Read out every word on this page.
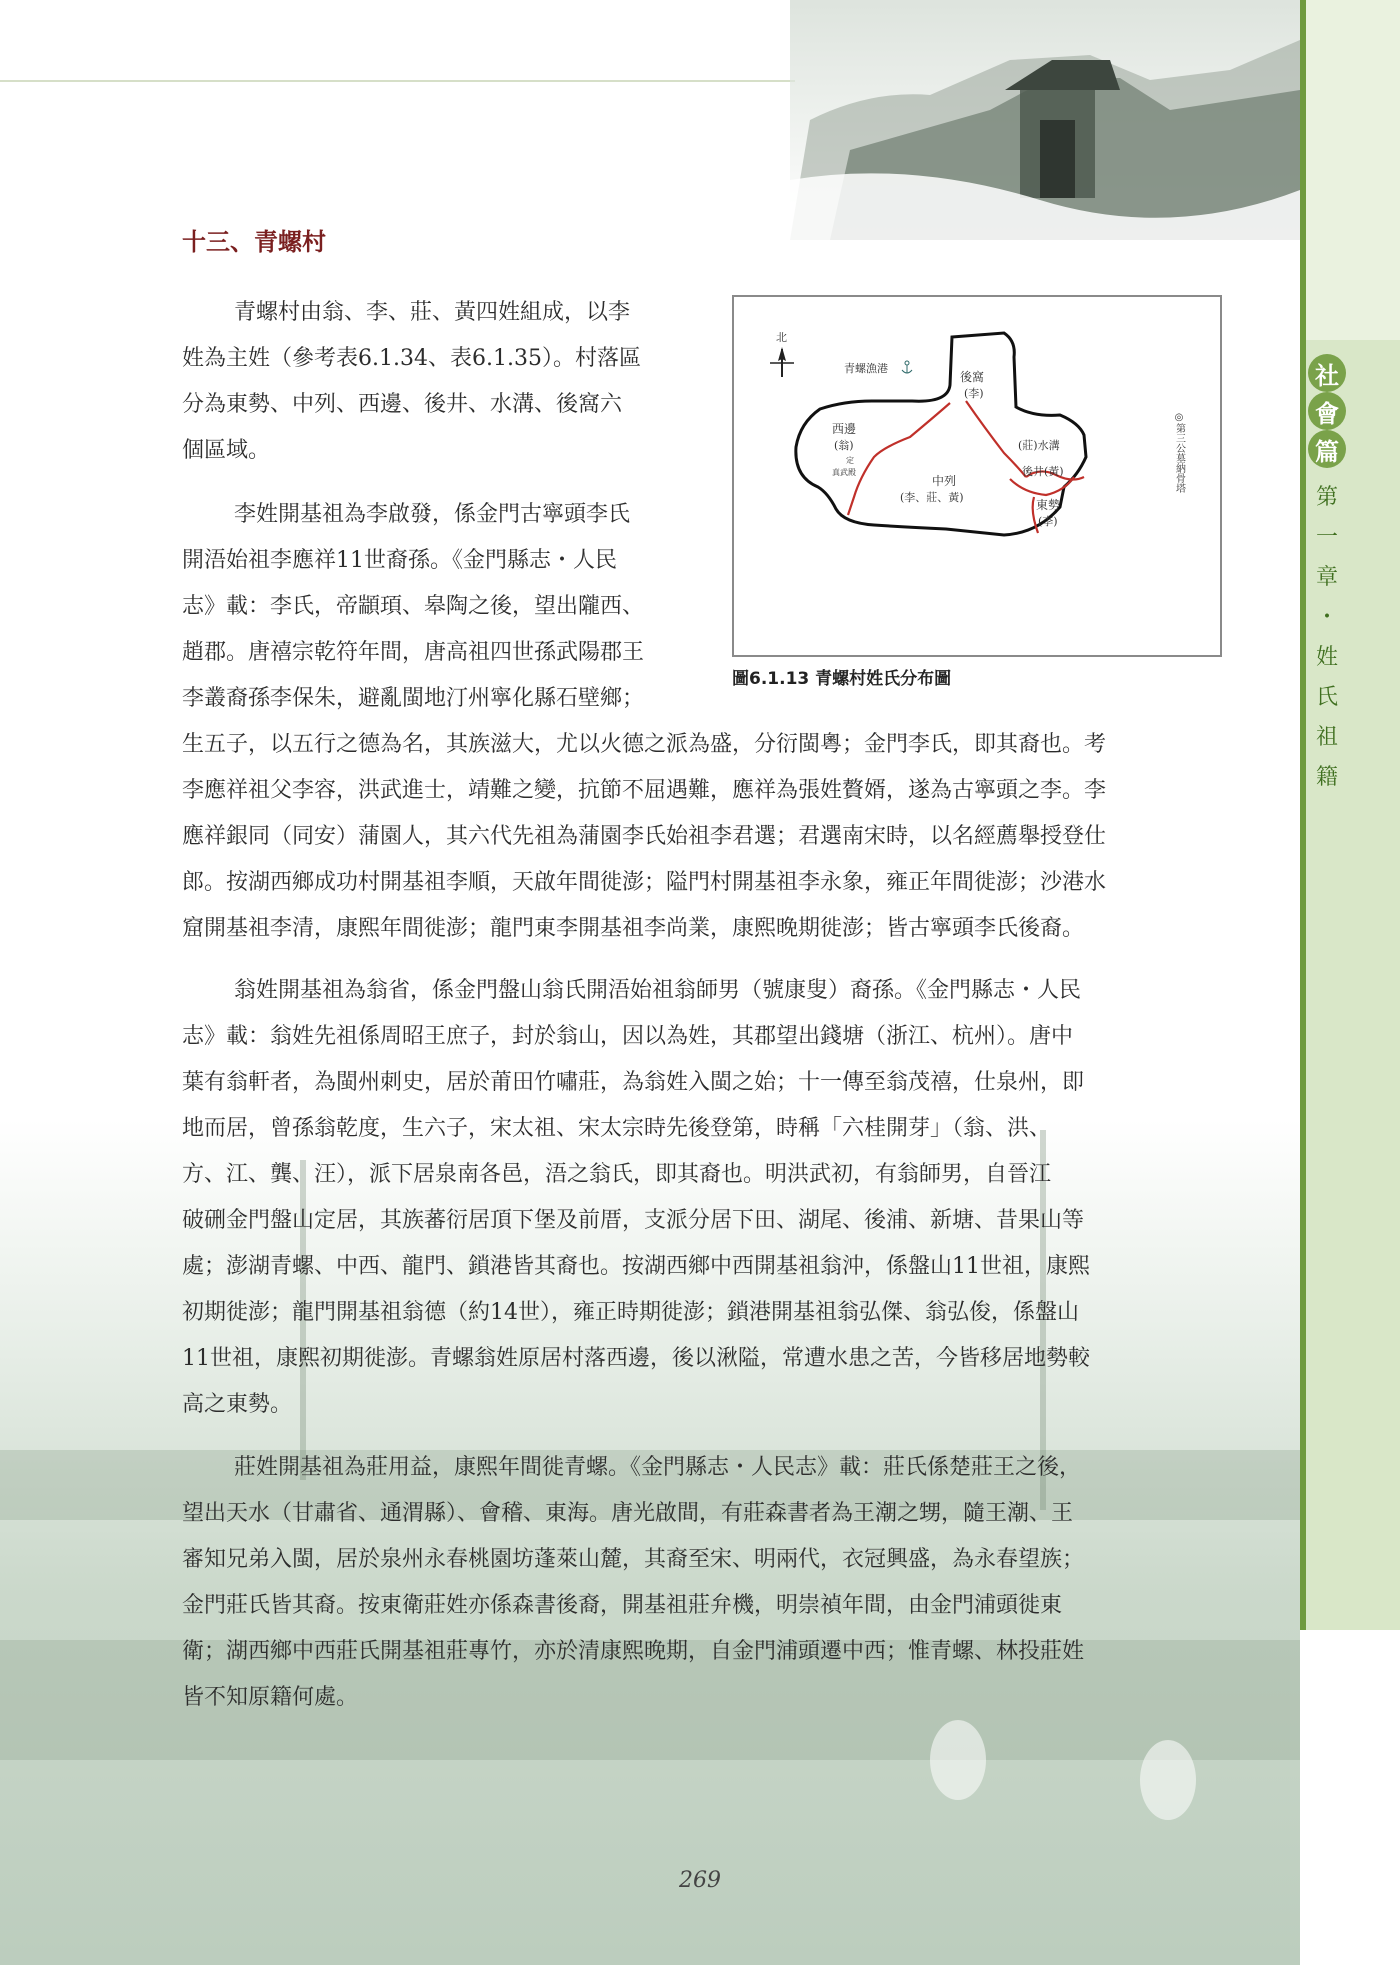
社
會
篇
第
一
章
・
姓
氏
祖
籍
十三、青螺村
青螺村由翁、李、莊、黃四姓組成，以李
姓為主姓（參考表6.1.34、表6.1.35）。村落區
分為東勢、中列、西邊、後井、水溝、後窩六
個區域。
李姓開基祖為李啟發，係金門古寧頭李氏
開浯始祖李應祥11世裔孫。《金門縣志・人民
志》載：李氏，帝顓頊、皋陶之後，望出隴西、
趙郡。唐禧宗乾符年間，唐高祖四世孫武陽郡王
李叢裔孫李保朱，避亂閩地汀州寧化縣石壁鄉；
生五子，以五行之德為名，其族滋大，尤以火德之派為盛，分衍閩粵；金門李氏，即其裔也。考
李應祥祖父李容，洪武進士，靖難之變，抗節不屈遇難，應祥為張姓贅婿，遂為古寧頭之李。李
應祥銀同（同安）蒲園人，其六代先祖為蒲園李氏始祖李君選；君選南宋時，以名經薦舉授登仕
郎。按湖西鄉成功村開基祖李順，天啟年間徙澎；隘門村開基祖李永象，雍正年間徙澎；沙港水
窟開基祖李清，康熙年間徙澎；龍門東李開基祖李尚業，康熙晚期徙澎；皆古寧頭李氏後裔。
翁姓開基祖為翁省，係金門盤山翁氏開浯始祖翁師男（號康叟）裔孫。《金門縣志・人民
志》載：翁姓先祖係周昭王庶子，封於翁山，因以為姓，其郡望出錢塘（浙江、杭州）。唐中
葉有翁軒者，為閩州刺史，居於莆田竹嘯莊，為翁姓入閩之始；十一傳至翁茂禧，仕泉州，即
地而居，曾孫翁乾度，生六子，宋太祖、宋太宗時先後登第，時稱「六桂開芽」（翁、洪、
方、江、龔、汪），派下居泉南各邑，浯之翁氏，即其裔也。明洪武初，有翁師男，自晉江
破硎金門盤山定居，其族蕃衍居頂下堡及前厝，支派分居下田、湖尾、後浦、新塘、昔果山等
處；澎湖青螺、中西、龍門、鎖港皆其裔也。按湖西鄉中西開基祖翁沖，係盤山11世祖，康熙
初期徙澎；龍門開基祖翁德（約14世），雍正時期徙澎；鎖港開基祖翁弘傑、翁弘俊，係盤山
11世祖，康熙初期徙澎。青螺翁姓原居村落西邊，後以湫隘，常遭水患之苦，今皆移居地勢較
高之東勢。
莊姓開基祖為莊用益，康熙年間徙青螺。《金門縣志・人民志》載：莊氏係楚莊王之後，
望出天水（甘肅省、通渭縣）、會稽、東海。唐光啟間，有莊森書者為王潮之甥，隨王潮、王
審知兄弟入閩，居於泉州永春桃園坊蓬萊山麓，其裔至宋、明兩代，衣冠興盛，為永春望族；
金門莊氏皆其裔。按東衛莊姓亦係森書後裔，開基祖莊弁機，明崇禎年間，由金門浦頭徙東
衛；湖西鄉中西莊氏開基祖莊專竹，亦於清康熙晚期，自金門浦頭遷中西；惟青螺、林投莊姓
皆不知原籍何處。
北
青螺漁港
◎第三公墓納骨塔
後窩
(李)
西邊
(翁)
定
真武殿
中列
(李、莊、黃)
(莊)水溝
後井(黃)
東勢
(李)
圖6.1.13 青螺村姓氏分布圖
269
